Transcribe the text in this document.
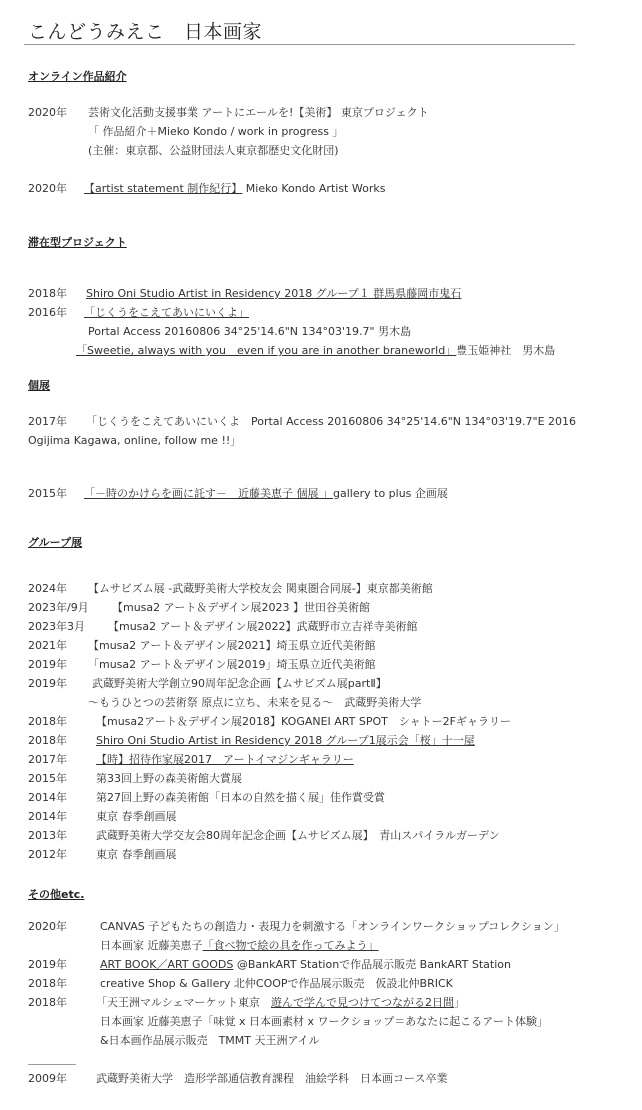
こんどうみえこ　日本画家
オンライン作品紹介
2020年 芸術文化活動支援事業 アートにエールを!【美術】 東京プロジェクト
「 作品紹介＋Mieko Kondo / work in progress 」
(主催：東京都、公益財団法人東京都歴史文化財団)
2020年 【artist statement 制作紀行】 Mieko Kondo Artist Works
滞在型プロジェクト
2018年 Shiro Oni Studio Artist in Residency 2018 グループ１ 群馬県藤岡市鬼石
2016年 「じくうをこえてあいにいくよ」
Portal Access 20160806 34°25'14.6"N 134°03'19.7" 男木島
「Sweetie, always with you　even if you are in another braneworld」豊玉姫神社　男木島
個展
2017年 「じくうをこえてあいにいくよ　Portal Access 20160806 34°25'14.6"N 134°03'19.7"E 2016
Ogijima Kagawa, online, follow me !!」
2015年 「－時のかけらを画に託す－　近藤美恵子 個展 」gallery to plus 企画展
グループ展
2024年 【ムサビズム展 -武蔵野美術大学校友会 関東圏合同展-】東京都美術館
2023年/9月 【musa2 アート＆デザイン展2023 】世田谷美術館
2023年3月 【musa2 アート＆デザイン展2022】武蔵野市立吉祥寺美術館
2021年 【musa2 アート＆デザイン展2021】埼玉県立近代美術館
2019年 「musa2 アート＆デザイン展2019」埼玉県立近代美術館
2019年 武蔵野美術大学創立90周年記念企画【ムサビズム展partⅡ】
～もうひとつの芸術祭 原点に立ち、未来を見る～　武蔵野美術大学
2018年	【musa2アート＆デザイン展2018】KOGANEI ART SPOT　シャトー2Fギャラリー
2018年	Shiro Oni Studio Artist in Residency 2018 グループ1展示会「桜」十一屋
2017年	【時】招待作家展2017　アートイマジンギャラリー
2015年	第33回上野の森美術館大賞展
2014年	第27回上野の森美術館「日本の自然を描く展」佳作賞受賞
2014年	東京 春季創画展
2013年	武蔵野美術大学交友会80周年記念企画【ムサビズム展】　青山スパイラルガーデン
2012年	東京 春季創画展
その他etc.
2020年	CANVAS 子どもたちの創造力・表現力を刺激する「オンラインワークショップコレクション」
日本画家 近藤美恵子「食べ物で絵の具を作ってみよう」
2019年	ART BOOK／ART GOODS @BankART Stationで作品展示販売 BankART Station
2018年	creative Shop & Gallery 北仲COOPで作品展示販売　仮設北仲BRICK
2018年	「天王洲マルシェマーケット東京　遊んで学んで見つけてつながる2日間」
日本画家 近藤美恵子「味覚 x 日本画素材 x ワークショップ＝あなたに起こるアート体験」
&日本画作品展示販売　TMMT 天王洲アイル
2009年	武蔵野美術大学　造形学部通信教育課程　油絵学科　日本画コース卒業
